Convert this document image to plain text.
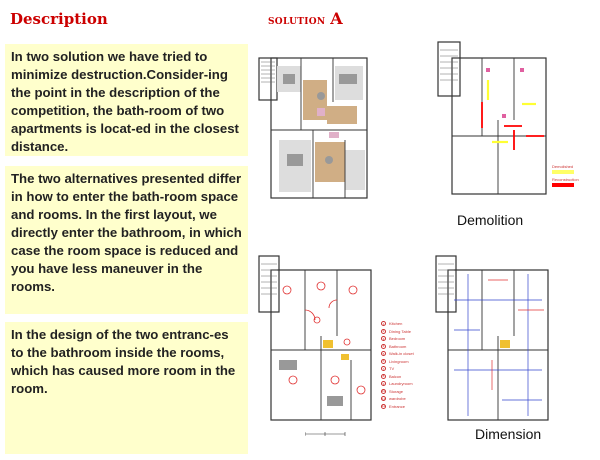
Description	solution A
In two solution we have tried to minimize destruction.Consider-ing the point in the description of the competition, the bath-room of two apartments is locat-ed in the closest distance.
The two alternatives presented differ in how to enter the bath-room space and rooms. In the first layout, we directly enter the bathroom, in which case the room space is reduced and you have less maneuver in the rooms.
In the design of the two entranc-es to the bathroom inside the rooms, which has caused more room in the room.
Demolished
Reconstruction
1	Kitchen
2	Dining Table
3	Bedroom
4	Bathroom
5	Walk-in closet
6	Livingroom
7	TV
8	Balcon
9	Laundryroom
10 Storage
11 wardrobe
12 Entrance
Demolition
Dimension
